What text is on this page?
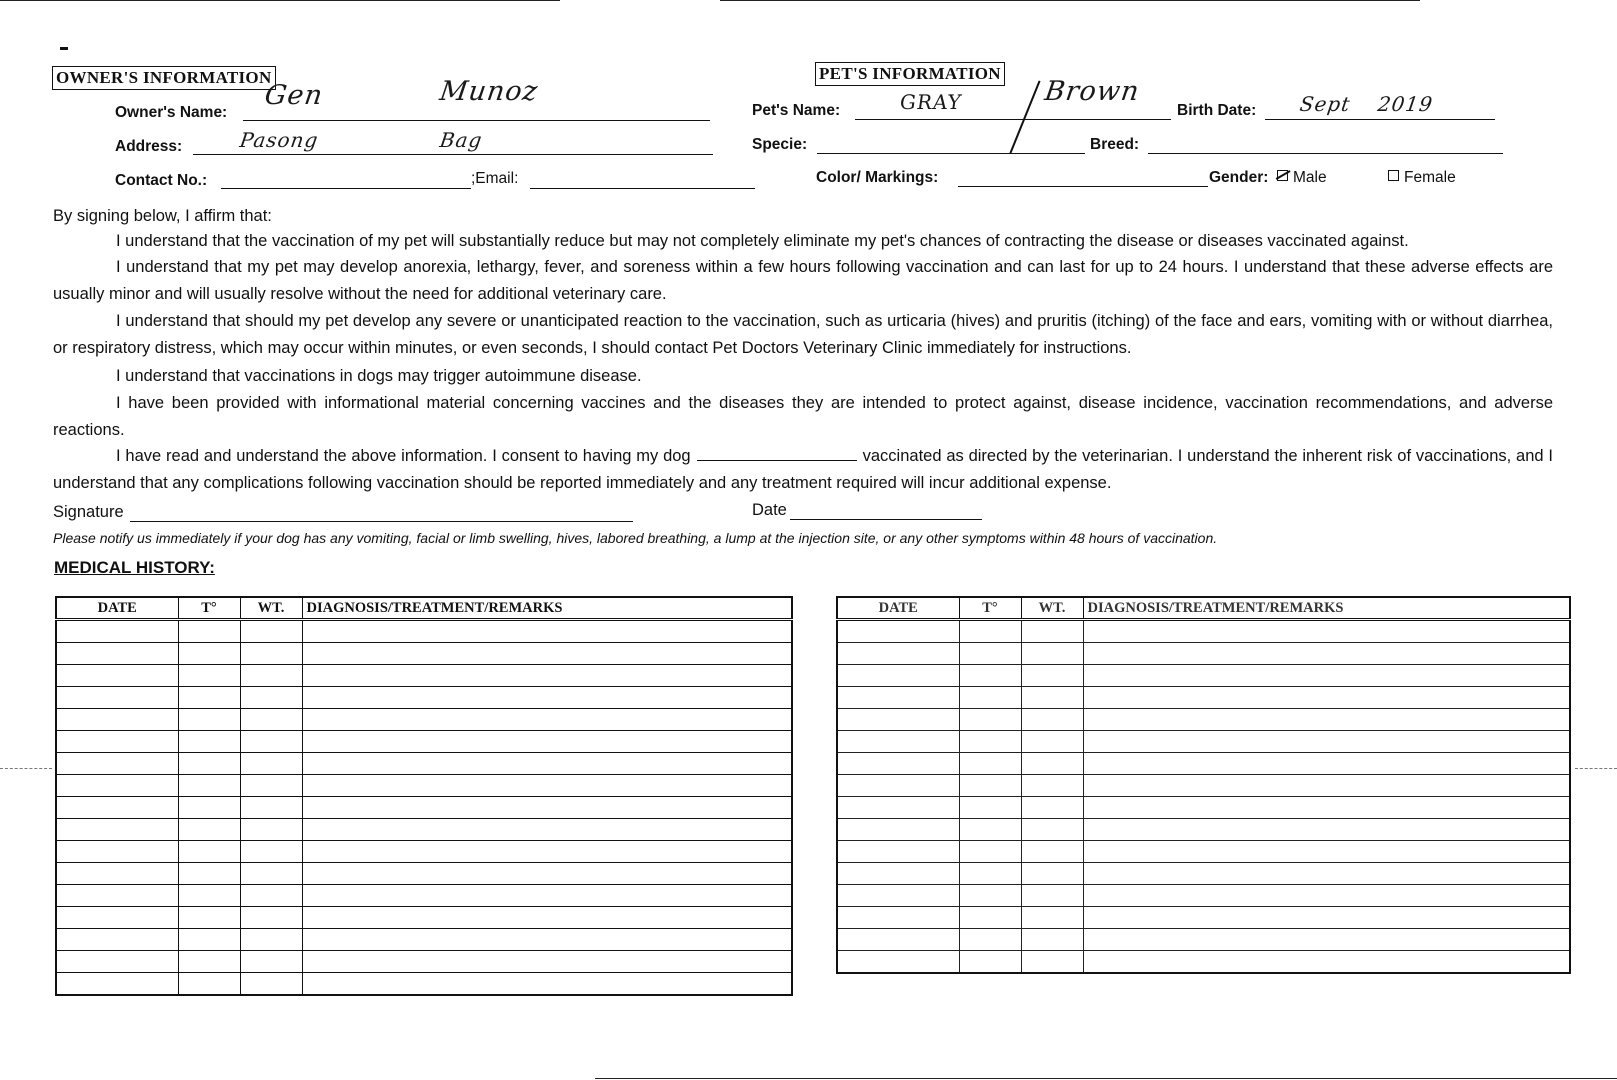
OWNER'S INFORMATION
Owner's Name:
Gen	Munoz
Address:	Pasong	Bag
Contact No.:	;Email:
PET'S INFORMATION
Pet's Name:	GRAY	Brown
Birth Date: Sept 2019
Specie:	Breed:
Color/ Markings:	Gender:	Male	Female
By signing below, I affirm that:
I understand that the vaccination of my pet will substantially reduce but may not completely eliminate my pet's chances of contracting the disease or diseases vaccinated against.
I understand that my pet may develop anorexia, lethargy, fever, and soreness within a few hours following vaccination and can last for up to 24 hours. I understand that these adverse effects are usually minor and will usually resolve without the need for additional veterinary care.
I understand that should my pet develop any severe or unanticipated reaction to the vaccination, such as urticaria (hives) and pruritis (itching) of the face and ears, vomiting with or without diarrhea, or respiratory distress, which may occur within minutes, or even seconds, I should contact Pet Doctors Veterinary Clinic immediately for instructions.
I understand that vaccinations in dogs may trigger autoimmune disease.
I have been provided with informational material concerning vaccines and the diseases they are intended to protect against, disease incidence, vaccination recommendations, and adverse reactions.
I have read and understand the above information. I consent to having my dog	vaccinated as directed by the veterinarian. I understand the inherent risk of vaccinations, and I understand that any complications following vaccination should be reported immediately and any treatment required will incur additional expense.
Signature	Date
Please notify us immediately if your dog has any vomiting, facial or limb swelling, hives, labored breathing, a lump at the injection site, or any other symptoms within 48 hours of vaccination.
MEDICAL HISTORY:
DATE	T°	WT.	DIAGNOSIS/TREATMENT/REMARKS

				DATE	T°	WT.	DIAGNOSIS/TREATMENT/REMARKS
